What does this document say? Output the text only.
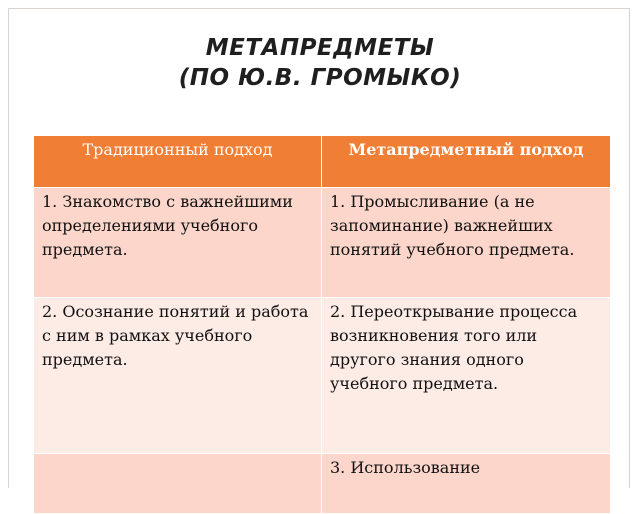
МЕТАПРЕДМЕТЫ
(ПО Ю.В. ГРОМЫКО)
Традиционный подход	Метапредметный подход
1. Знакомство с важнейшими определениями учебного предмета.	1. Промысливание (а не запоминание) важнейших понятий учебного предмета.
2. Осознание понятий и работа с ним в рамках учебного предмета.	2. Переоткрывание процесса возникновения того или другого знания одного учебного предмета.
	3. Использование
